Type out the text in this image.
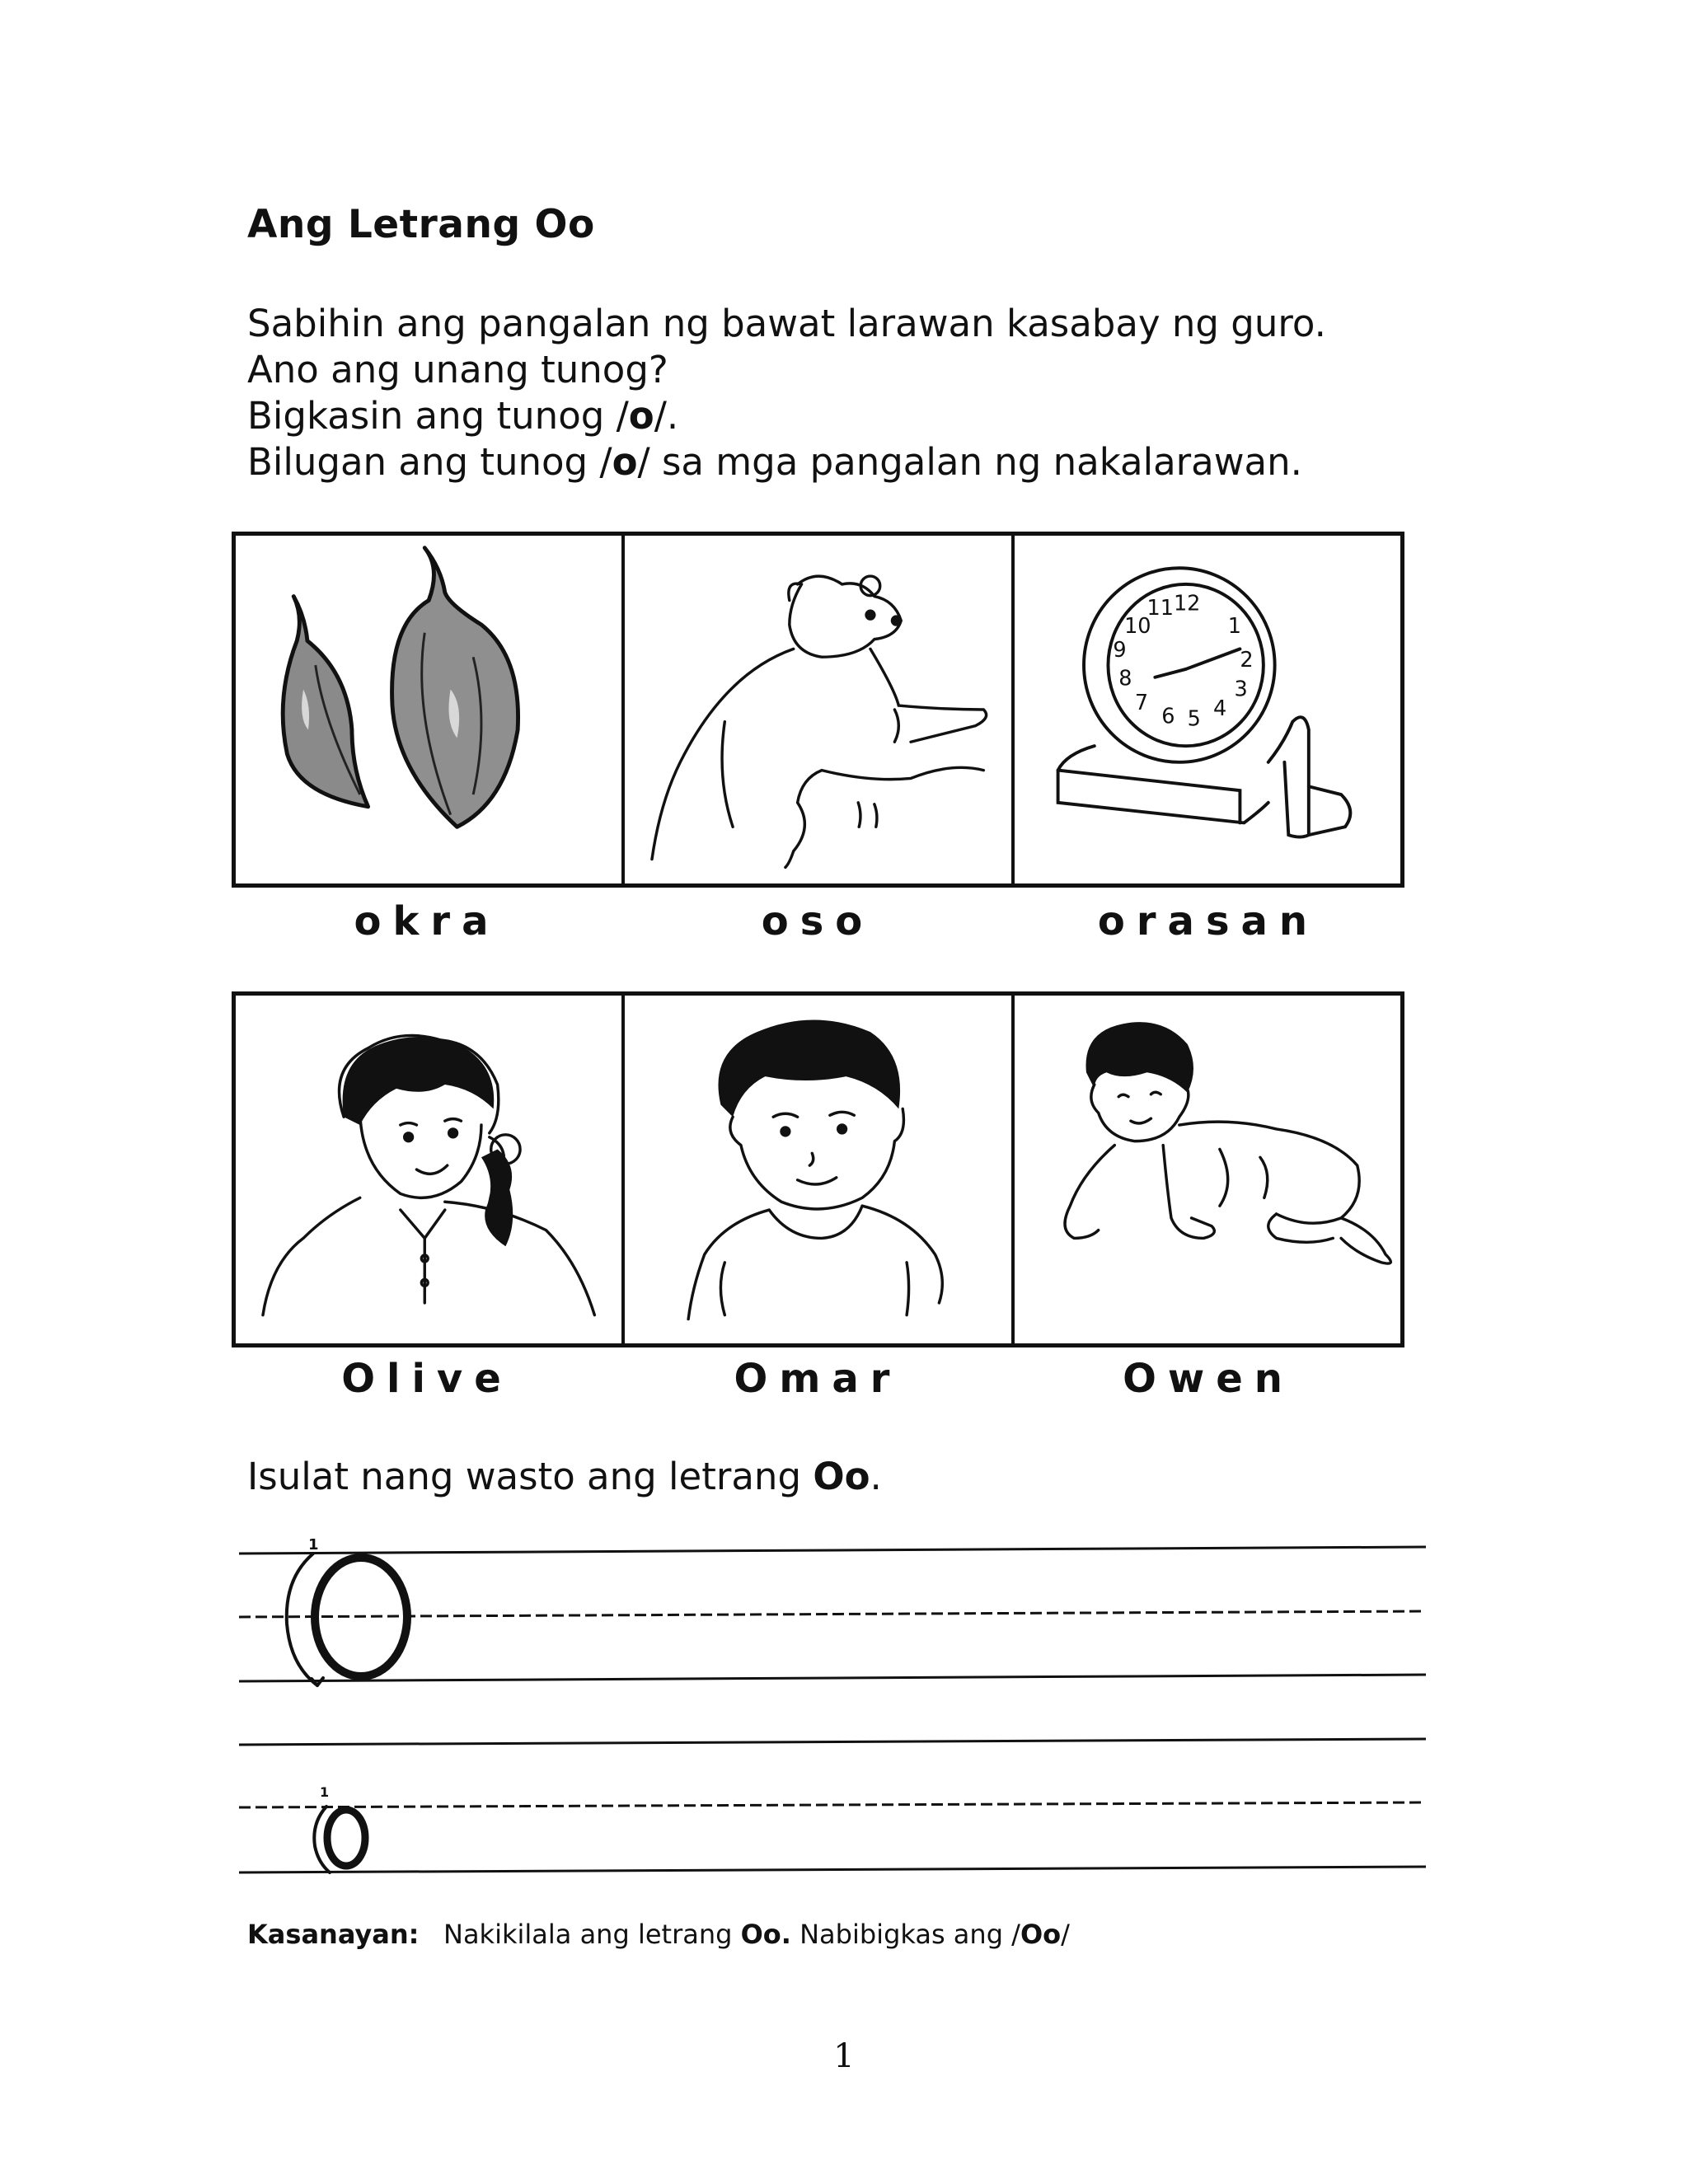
Ang Letrang Oo
Sabihin ang pangalan ng bawat larawan kasabay ng guro.
Ano ang unang tunog?
Bigkasin ang tunog /o/.
Bilugan ang tunog /o/ sa mga pangalan ng nakalarawan.
12
11
10
9
8
7
6 5 4
3
2
1
okra	oso	orasan
Olive	Omar	Owen
Isulat nang wasto ang letrang Oo.
1
1
Kasanayan: Nakikilala ang letrang Oo. Nabibigkas ang /Oo/
1
